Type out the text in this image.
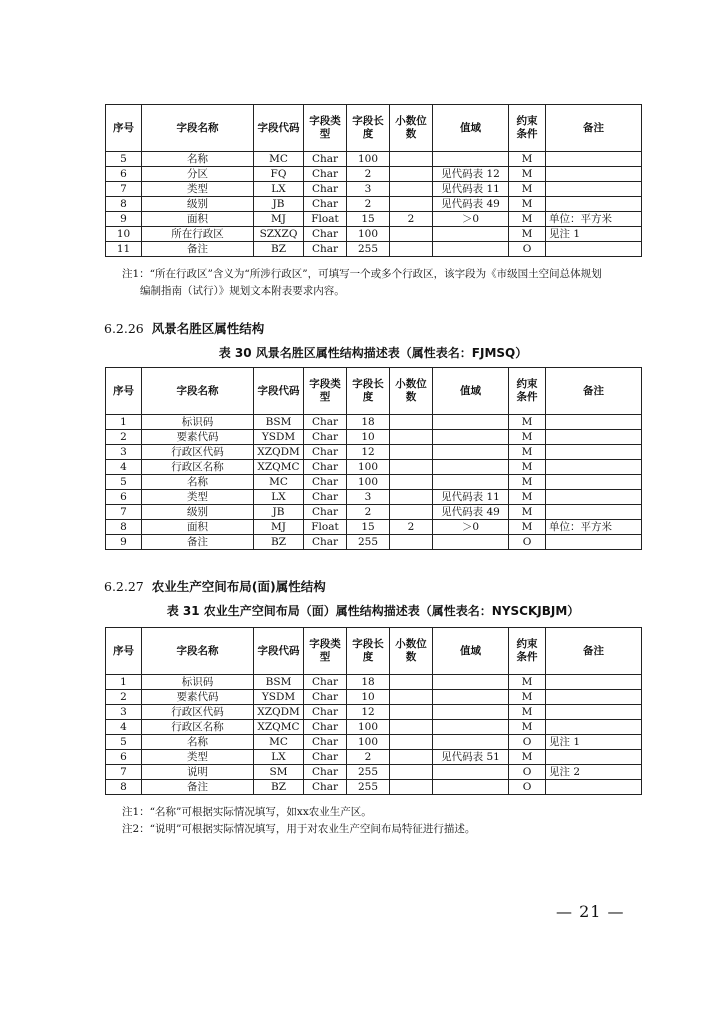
序号	字段名称	字段代码	字段类型	字段长度	小数位数	值域	约束条件	备注
5	名称	MC	Char	100			M	
6	分区	FQ	Char	2		见代码表 12	M	
7	类型	LX	Char	3		见代码表 11	M	
8	级别	JB	Char	2		见代码表 49	M	
9	面积	MJ	Float	15	2	＞0	M	单位：平方米
10	所在行政区	SZXZQ	Char	100			M	见注 1
11	备注	BZ	Char	255			O	
注1：“所在行政区”含义为“所涉行政区”，可填写一个或多个行政区，该字段为《市级国土空间总体规划
编制指南（试行）》规划文本附表要求内容。
6.2.26 风景名胜区属性结构
表 30 风景名胜区属性结构描述表（属性表名：FJMSQ）
序号	字段名称	字段代码	字段类型	字段长度	小数位数	值域	约束条件	备注
1	标识码	BSM	Char	18			M	
2	要素代码	YSDM	Char	10			M	
3	行政区代码	XZQDM	Char	12			M	
4	行政区名称	XZQMC	Char	100			M	
5	名称	MC	Char	100			M	
6	类型	LX	Char	3		见代码表 11	M	
7	级别	JB	Char	2		见代码表 49	M	
8	面积	MJ	Float	15	2	＞0	M	单位：平方米
9	备注	BZ	Char	255			O	
6.2.27 农业生产空间布局(面)属性结构
表 31 农业生产空间布局（面）属性结构描述表（属性表名：NYSCKJBJM）
序号	字段名称	字段代码	字段类型	字段长度	小数位数	值域	约束条件	备注
1	标识码	BSM	Char	18			M	
2	要素代码	YSDM	Char	10			M	
3	行政区代码	XZQDM	Char	12			M	
4	行政区名称	XZQMC	Char	100			M	
5	名称	MC	Char	100			O	见注 1
6	类型	LX	Char	2		见代码表 51	M	
7	说明	SM	Char	255			O	见注 2
8	备注	BZ	Char	255			O	
注1：“名称”可根据实际情况填写，如xx农业生产区。
注2：“说明”可根据实际情况填写，用于对农业生产空间布局特征进行描述。
— 21 —
